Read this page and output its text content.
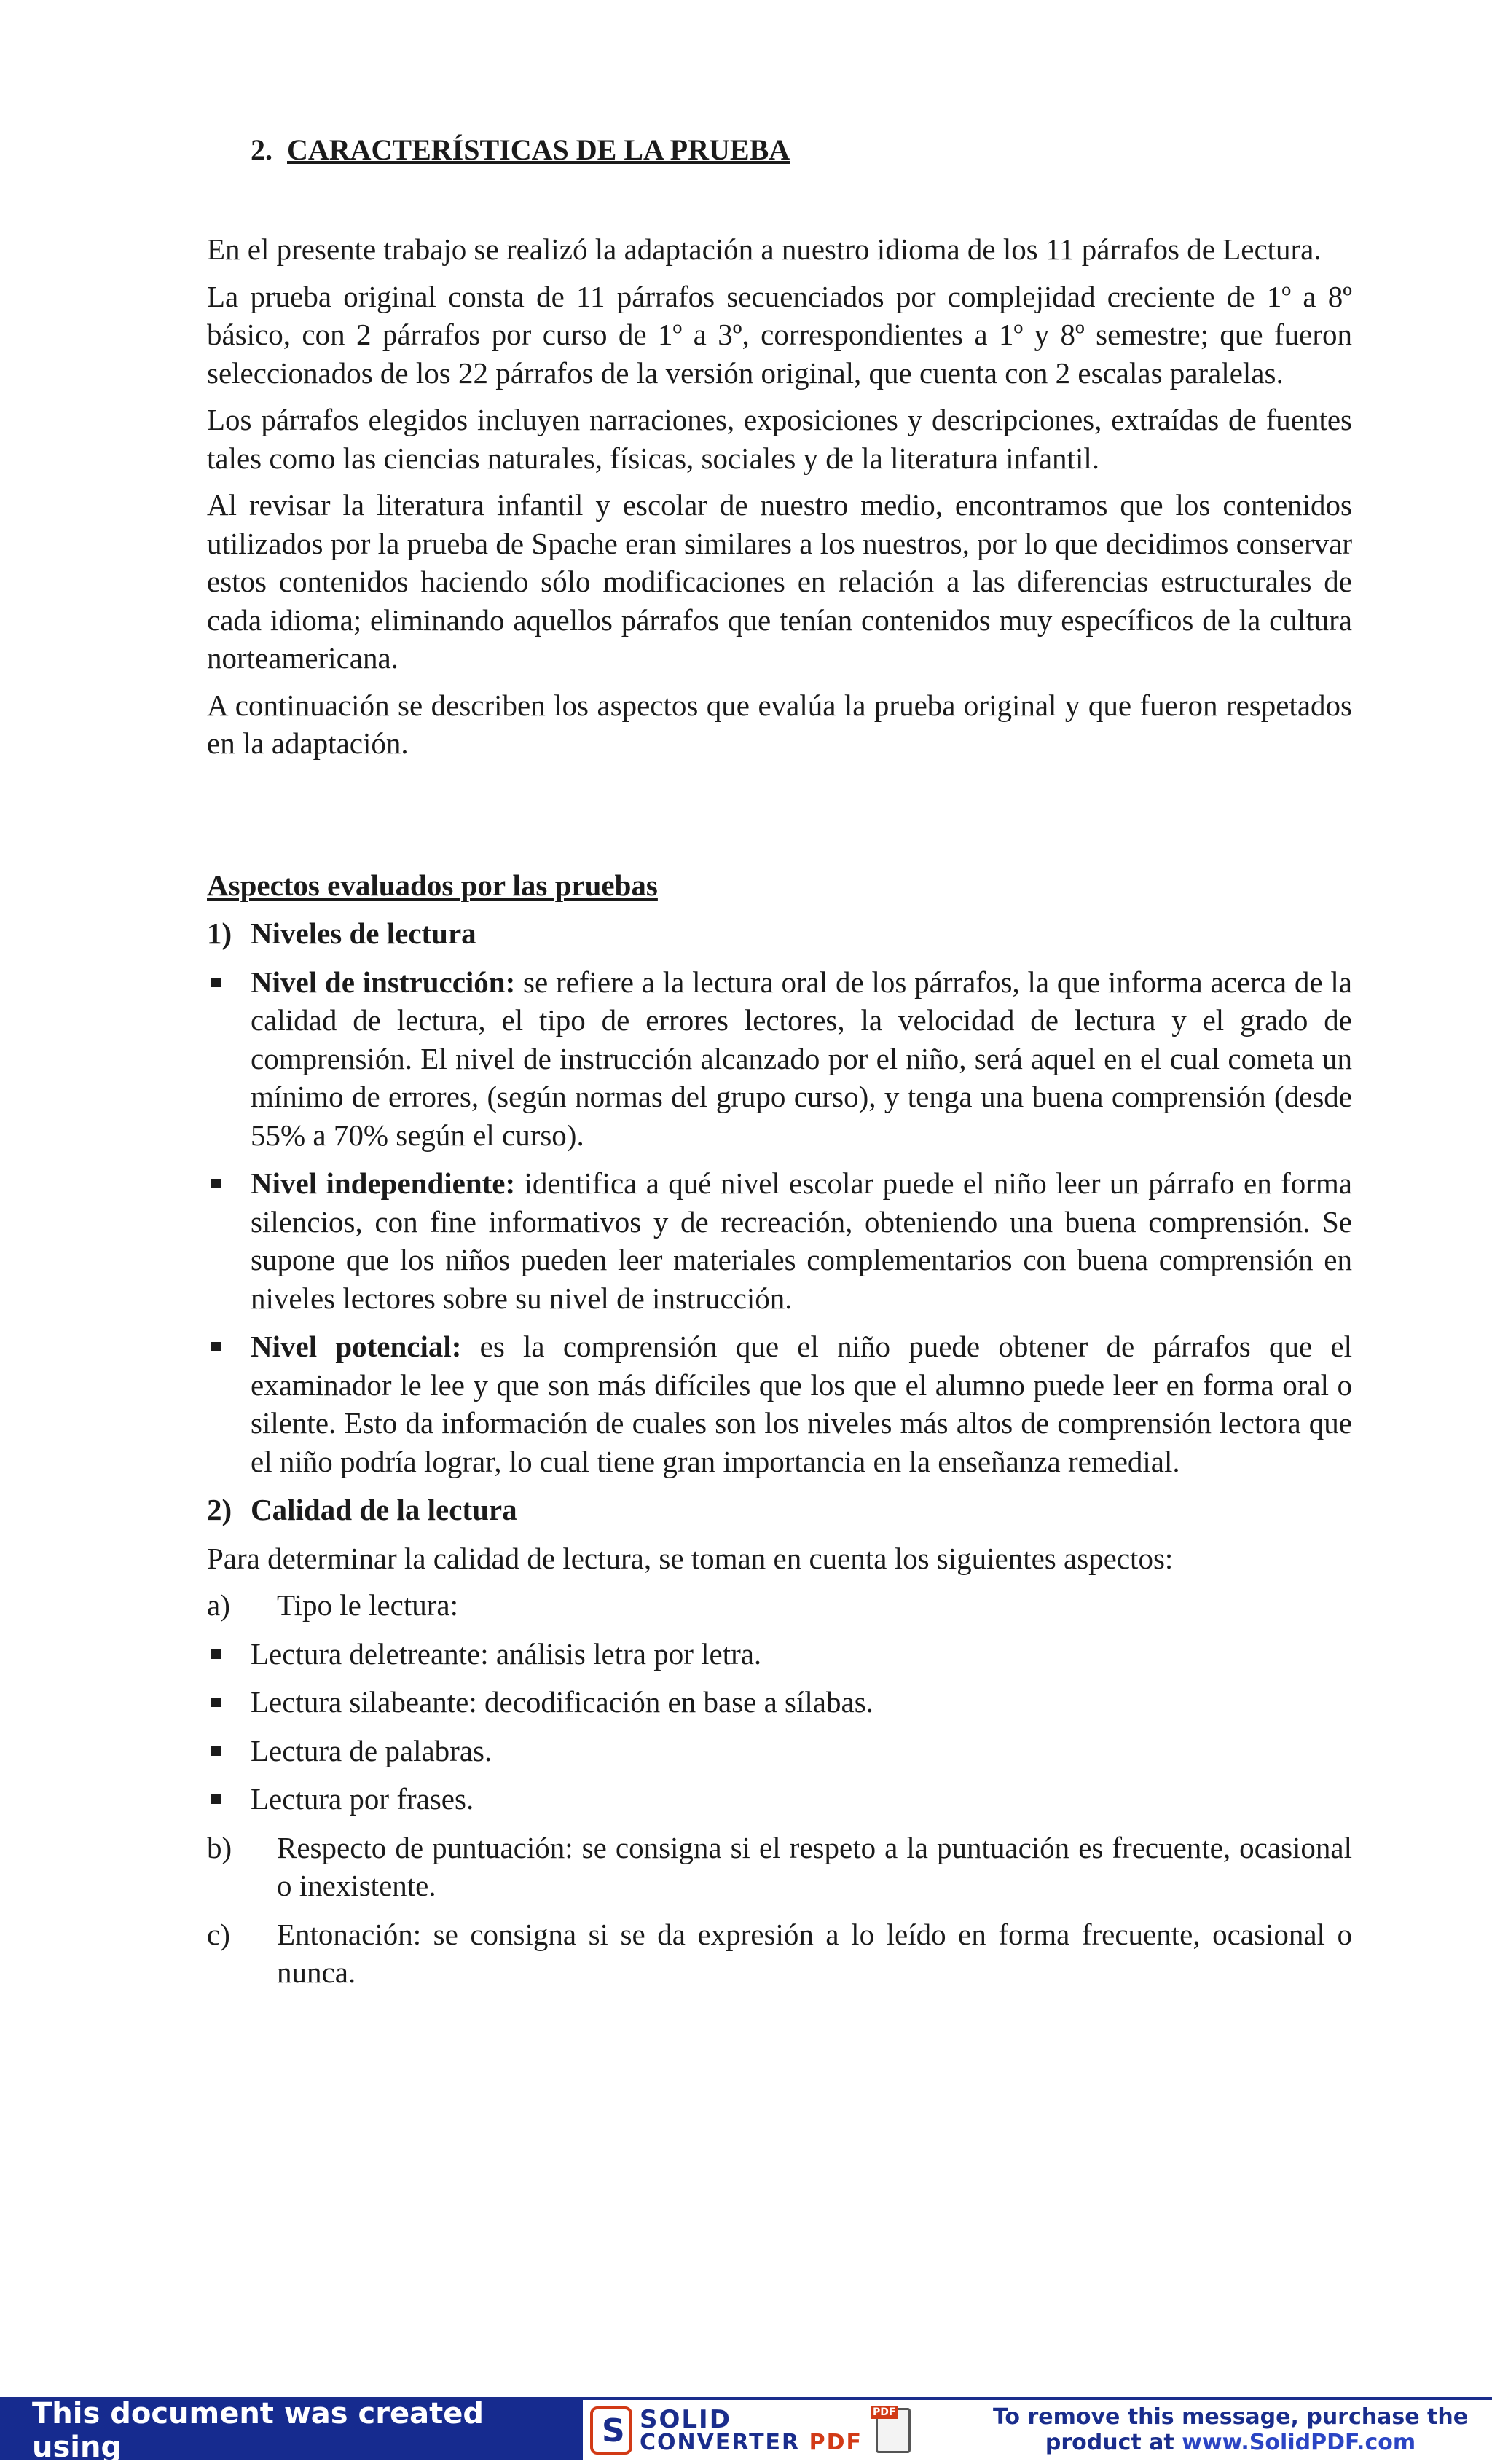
2. CARACTERÍSTICAS DE LA PRUEBA

En el presente trabajo se realizó la adaptación a nuestro idioma de los 11 párrafos de Lectura.

La prueba original consta de 11 párrafos secuenciados por complejidad creciente de 1º a 8º básico, con 2 párrafos por curso de 1º a 3º, correspondientes a 1º y 8º semestre; que fueron seleccionados de los 22 párrafos de la versión original, que cuenta con 2 escalas paralelas.

Los párrafos elegidos incluyen narraciones, exposiciones y descripciones, extraídas de fuentes tales como las ciencias naturales, físicas, sociales y de la literatura infantil.

Al revisar la literatura infantil y escolar de nuestro medio, encontramos que los contenidos utilizados por la prueba de Spache eran similares a los nuestros, por lo que decidimos conservar estos contenidos haciendo sólo modificaciones en relación a las diferencias estructurales de cada idioma; eliminando aquellos párrafos que tenían contenidos muy específicos de la cultura norteamericana.

A continuación se describen los aspectos que evalúa la prueba original y que fueron respetados en la adaptación.

Aspectos evaluados por las pruebas
1) Niveles de lectura
Nivel de instrucción: se refiere a la lectura oral de los párrafos, la que informa acerca de la calidad de lectura, el tipo de errores lectores, la velocidad de lectura y el grado de comprensión. El nivel de instrucción alcanzado por el niño, será aquel en el cual cometa un mínimo de errores, (según normas del grupo curso), y tenga una buena comprensión (desde 55% a 70% según el curso).
Nivel independiente: identifica a qué nivel escolar puede el niño leer un párrafo en forma silencios, con fine informativos y de recreación, obteniendo una buena comprensión. Se supone que los niños pueden leer materiales complementarios con buena comprensión en niveles lectores sobre su nivel de instrucción.
Nivel potencial: es la comprensión que el niño puede obtener de párrafos que el examinador le lee y que son más difíciles que los que el alumno puede leer en forma oral o silente. Esto da información de cuales son los niveles más altos de comprensión lectora que el niño podría lograr, lo cual tiene gran importancia en la enseñanza remedial.
2) Calidad de la lectura

Para determinar la calidad de lectura, se toman en cuenta los siguientes aspectos:

a)	Tipo le lectura:
Lectura deletreante: análisis letra por letra.
Lectura silabeante: decodificación en base a sílabas.
Lectura de palabras.
Lectura por frases.
b)	Respecto de puntuación: se consigna si el respeto a la puntuación es frecuente, ocasional o inexistente.
c)	Entonación: se consigna si se da expresión a lo leído en forma frecuente, ocasional o nunca.
This document was created using
S
SOLID
CONVERTER PDF
PDF
To remove this message, purchase the
product at www.SolidPDF.com
